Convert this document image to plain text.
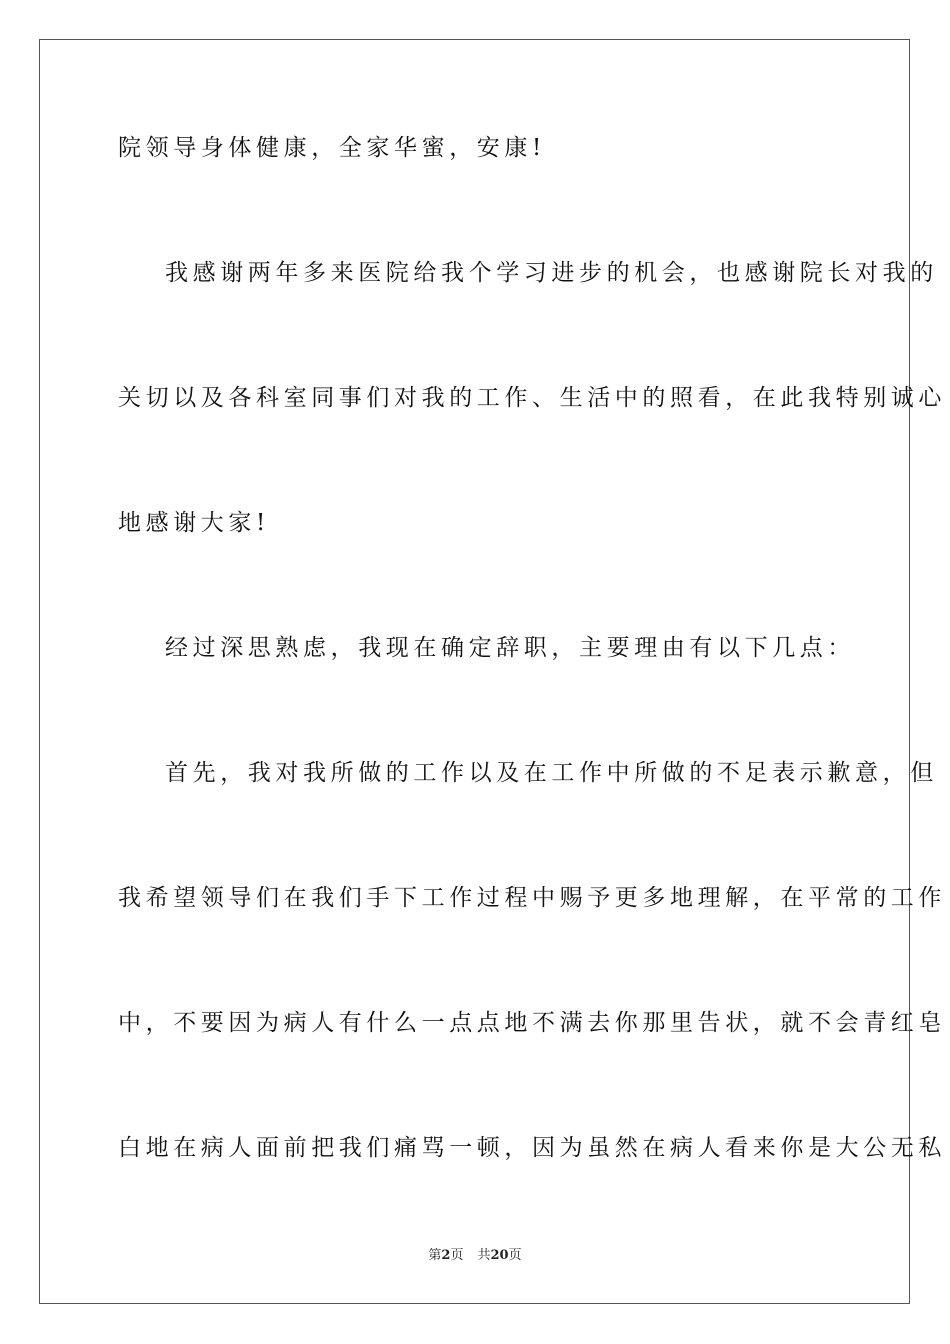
院领导身体健康，全家华蜜，安康!
我感谢两年多来医院给我个学习进步的机会，也感谢院长对我的
关切以及各科室同事们对我的工作、生活中的照看，在此我特别诚心
地感谢大家!
经过深思熟虑，我现在确定辞职，主要理由有以下几点：
首先，我对我所做的工作以及在工作中所做的不足表示歉意，但
我希望领导们在我们手下工作过程中赐予更多地理解，在平常的工作
中，不要因为病人有什么一点点地不满去你那里告状，就不会青红皂
白地在病人面前把我们痛骂一顿，因为虽然在病人看来你是大公无私
第2页 共20页
